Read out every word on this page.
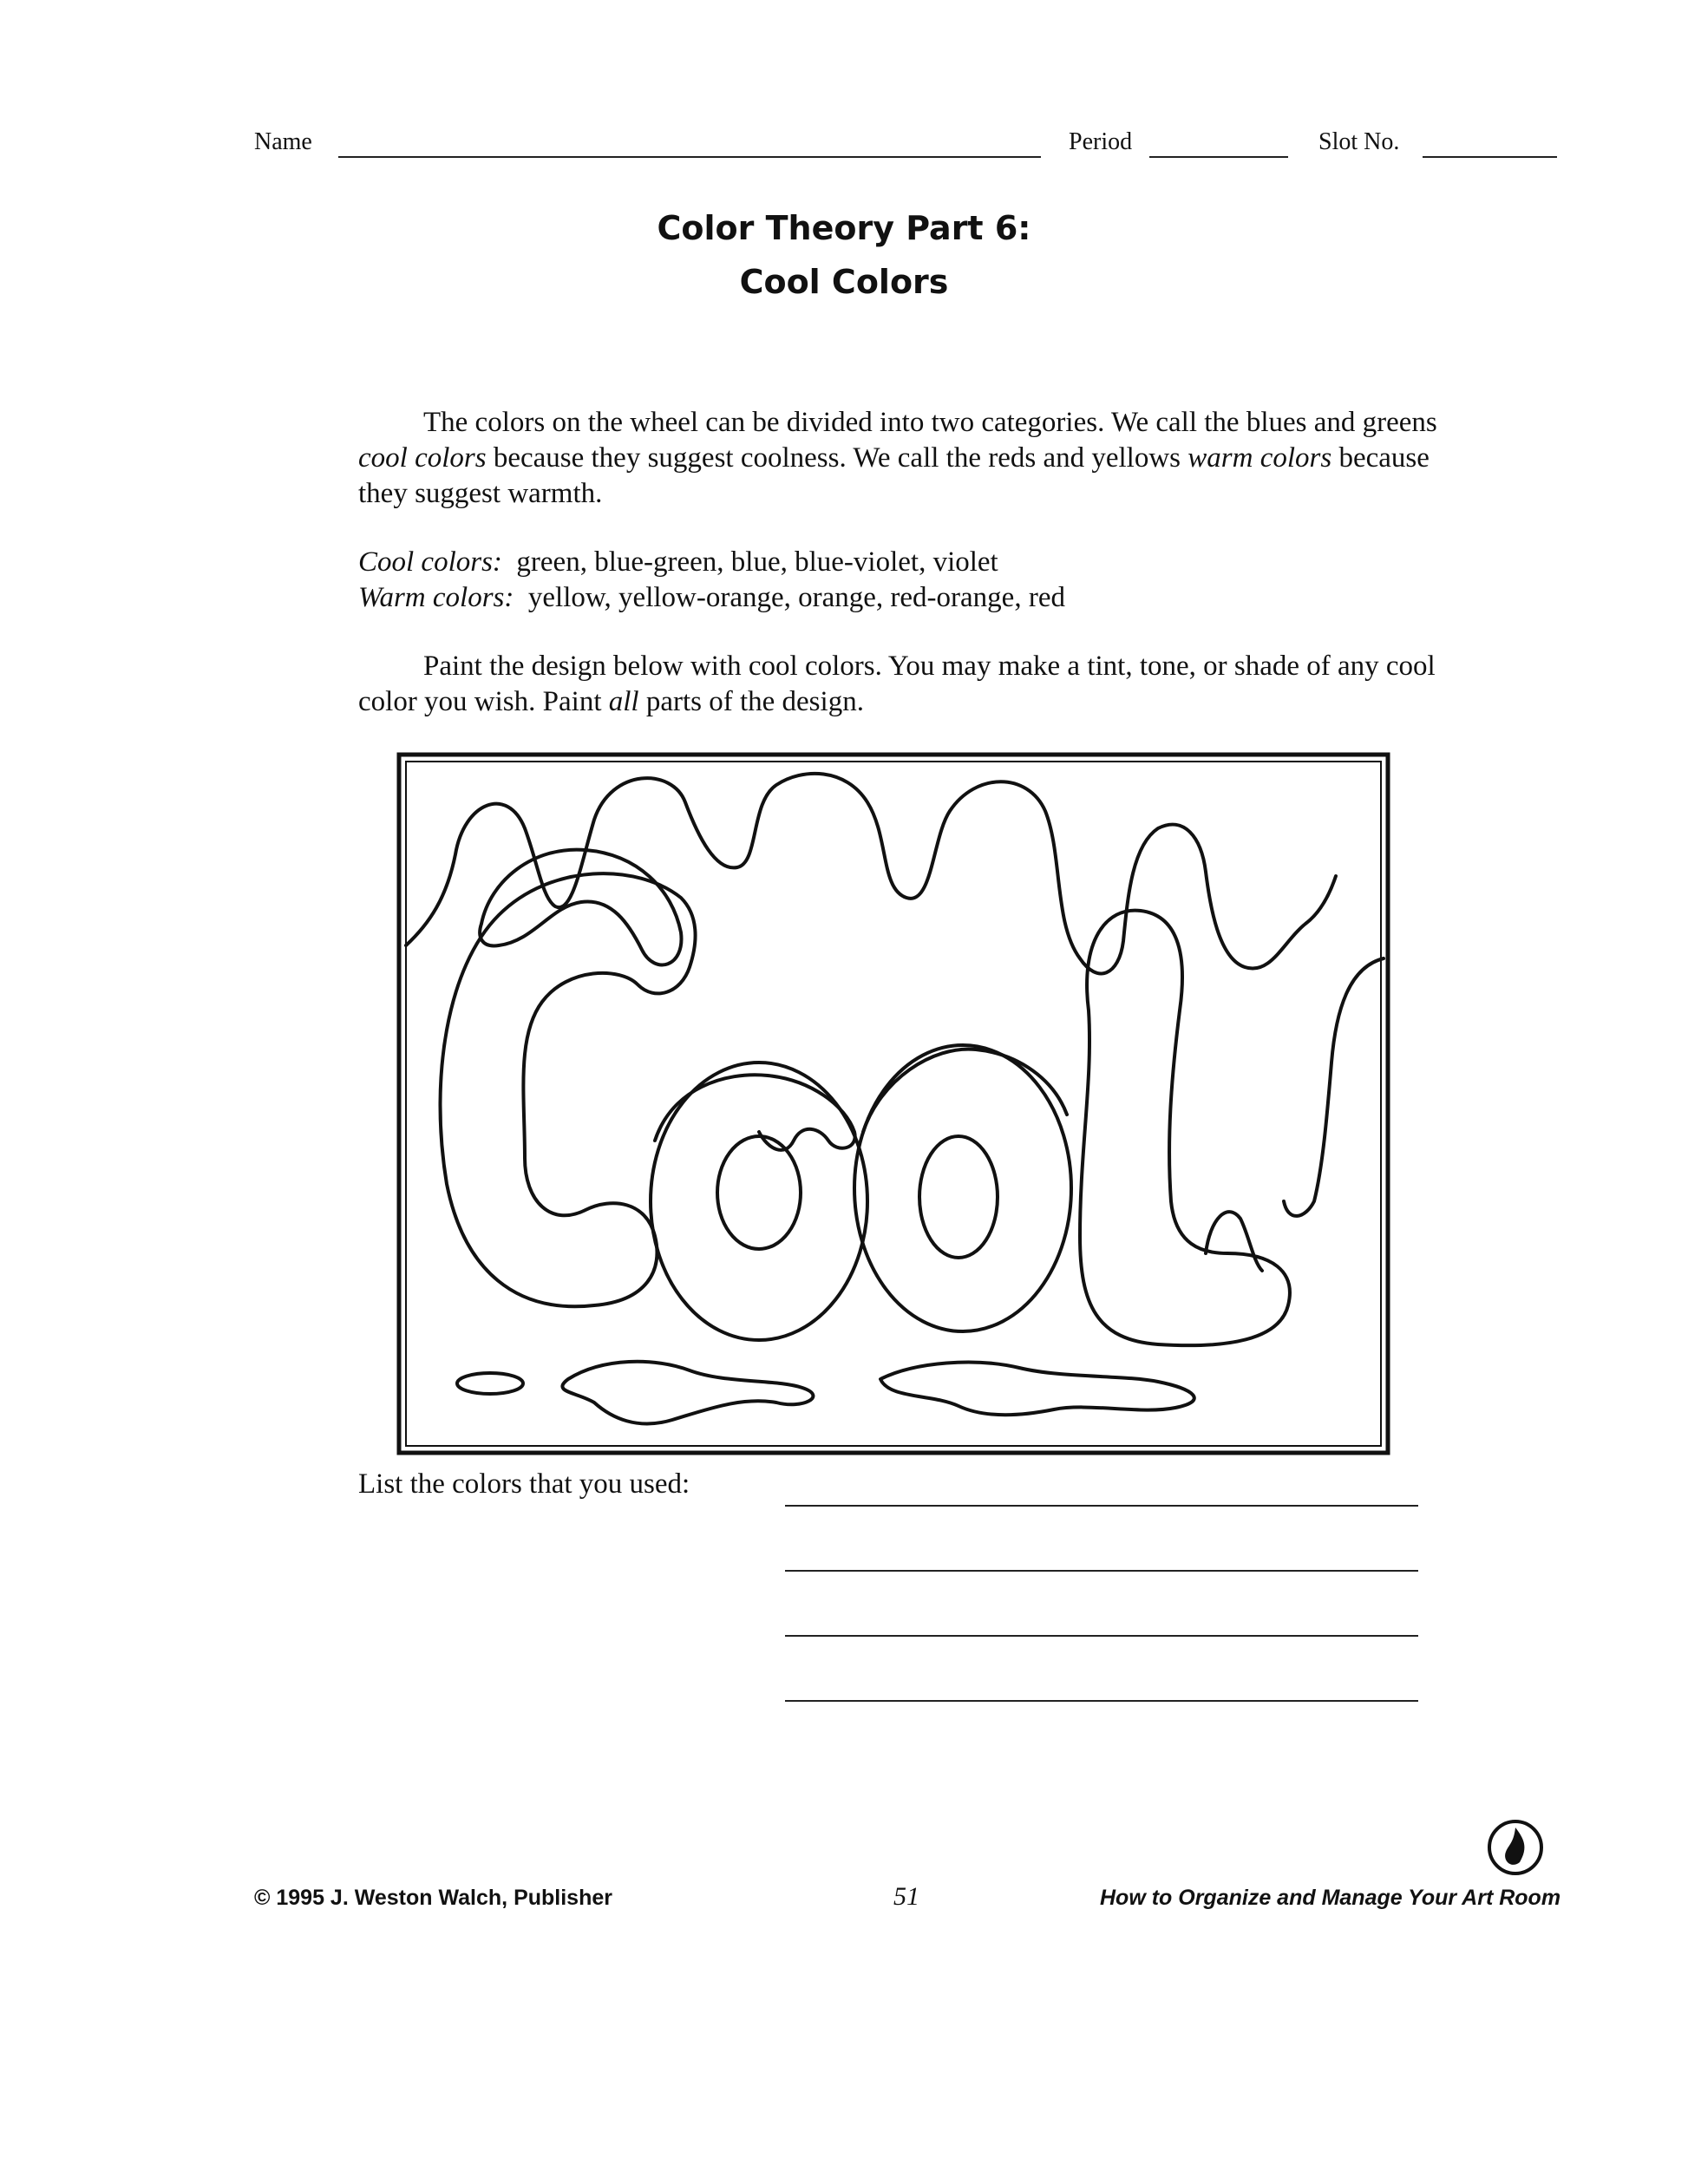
Name	Period	Slot No.
Color Theory Part 6:
Cool Colors
The colors on the wheel can be divided into two categories. We call the blues and greens cool colors because they suggest coolness. We call the reds and yellows warm colors because they suggest warmth.
Cool colors: green, blue-green, blue, blue-violet, violet
Warm colors: yellow, yellow-orange, orange, red-orange, red
Paint the design below with cool colors. You may make a tint, tone, or shade of any cool color you wish. Paint all parts of the design.
List the colors that you used:
© 1995 J. Weston Walch, Publisher	51	How to Organize and Manage Your Art Room
